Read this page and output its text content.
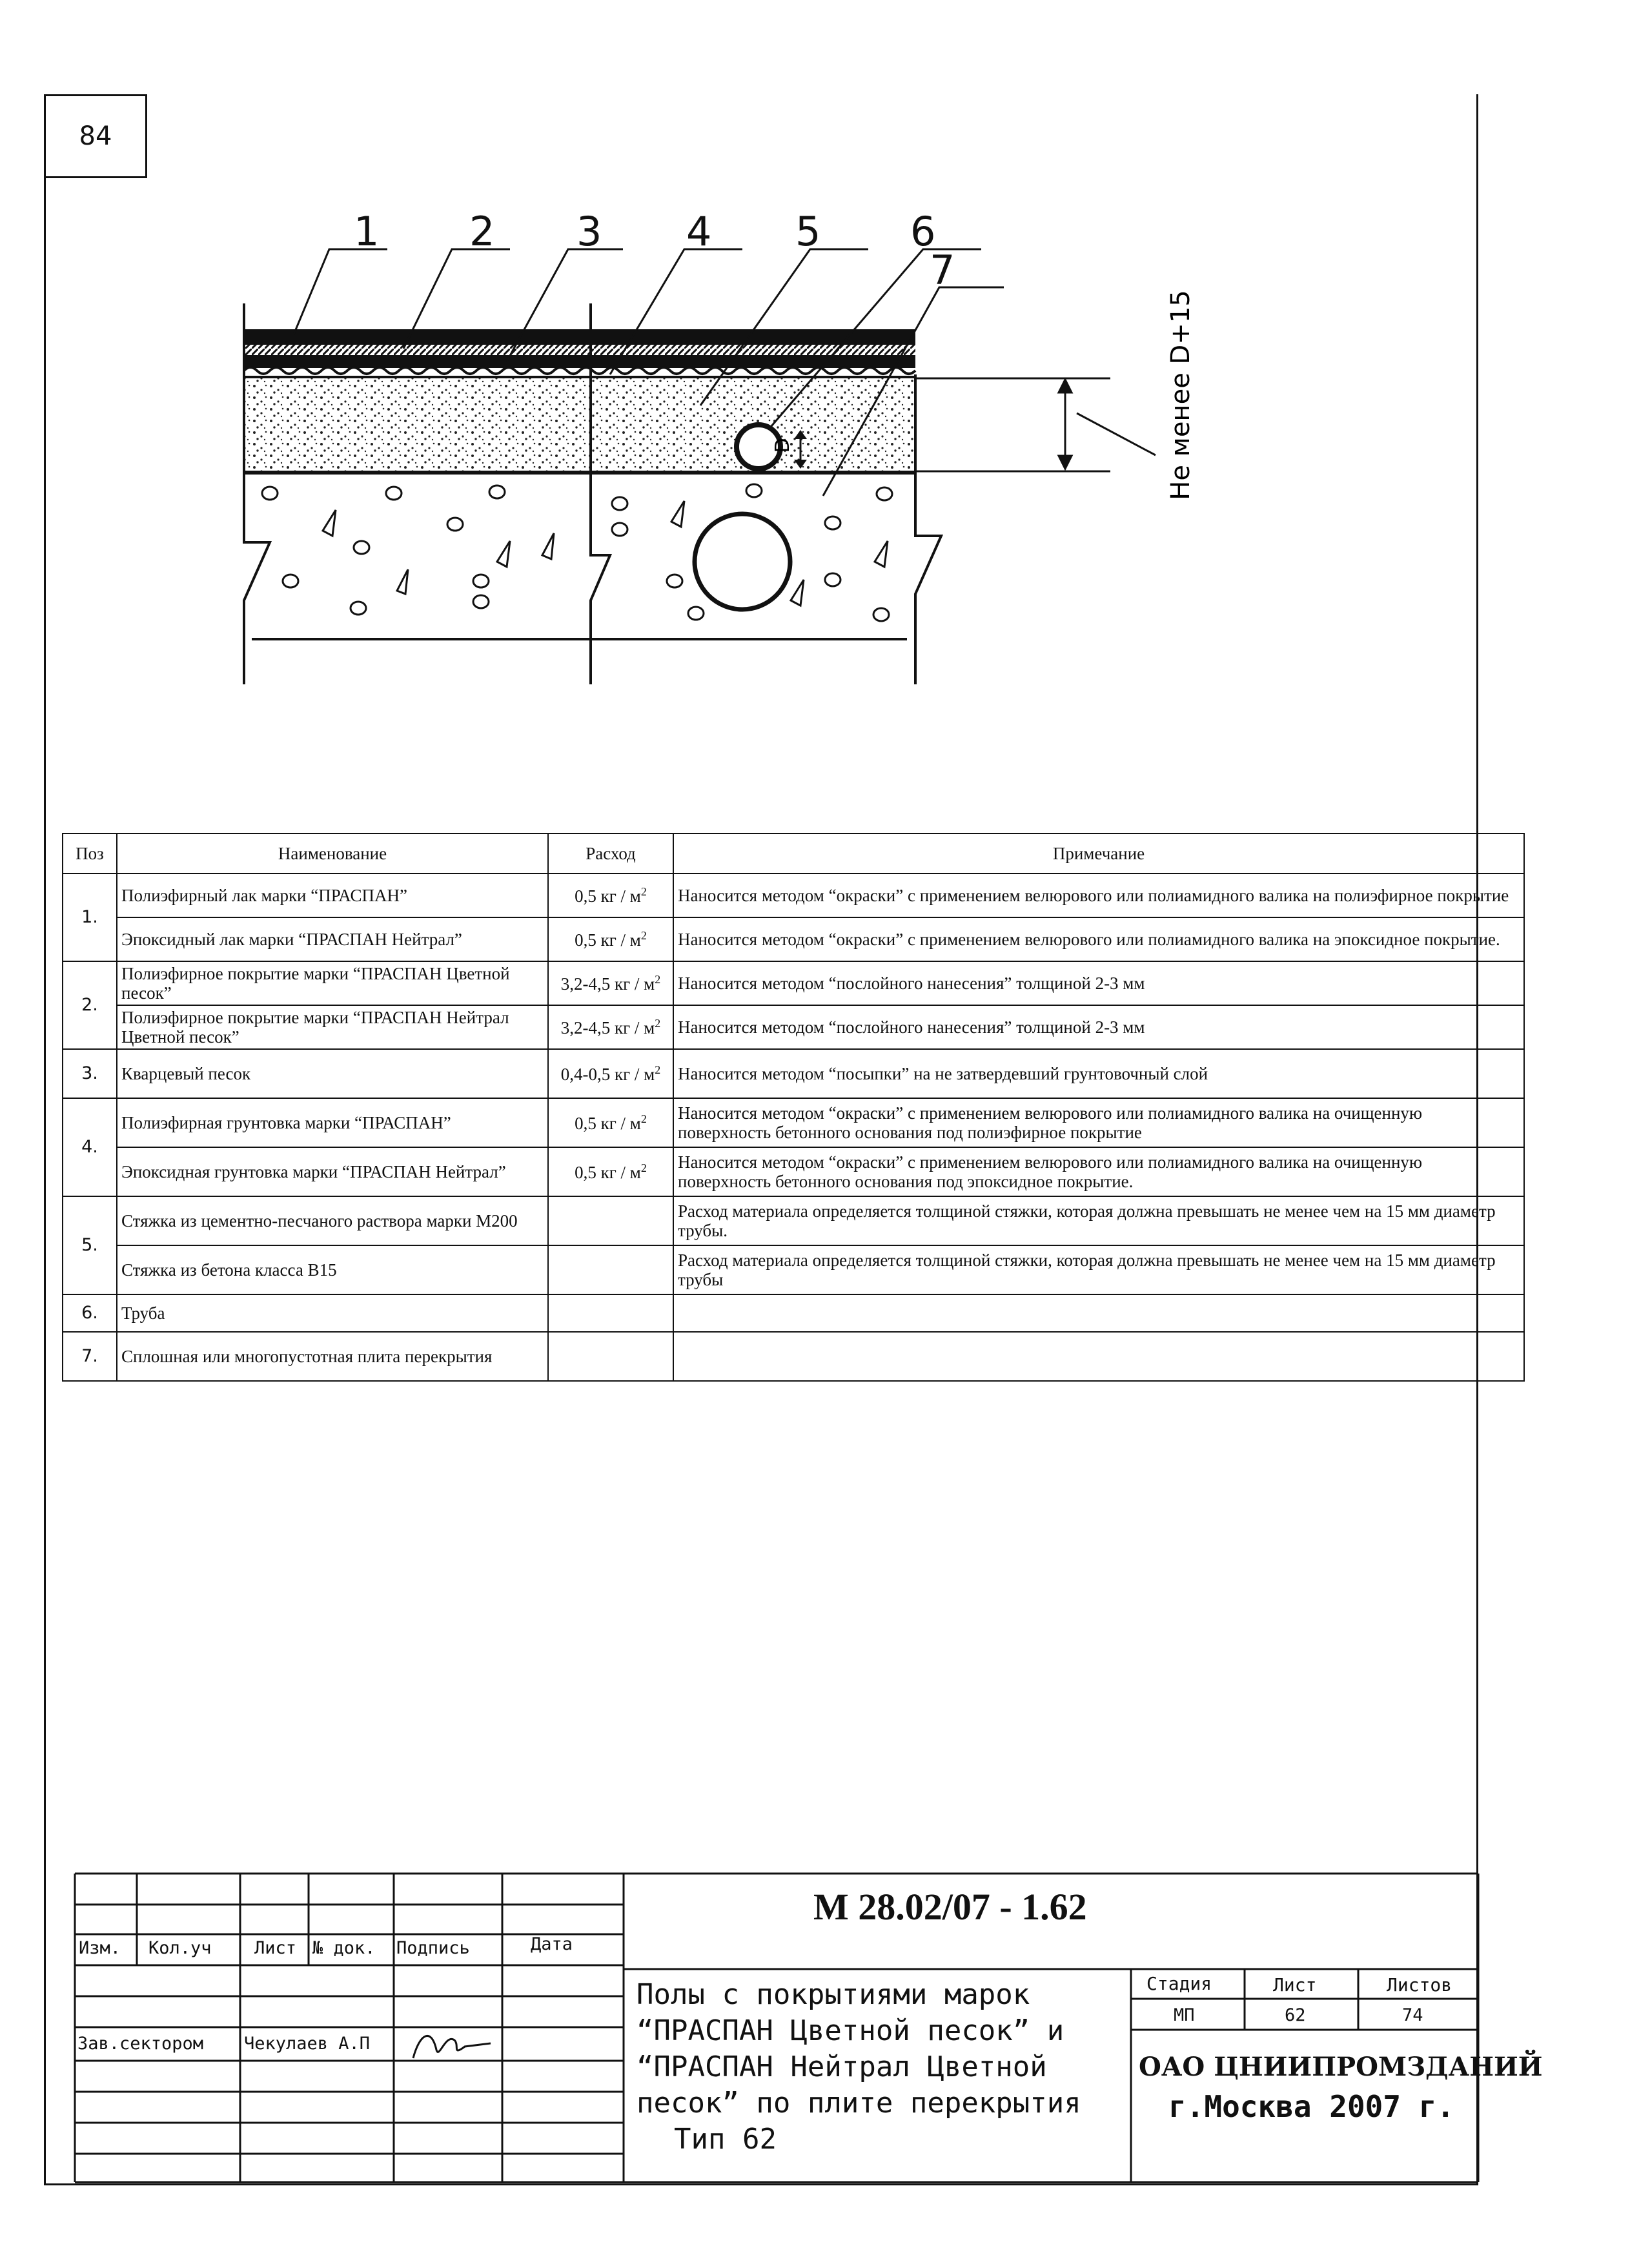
84
D	Не менее D+15
1 2 3 4 5 6
7
Поз	Наименование	Расход	Примечание
1.	Полиэфирный лак марки “ПРАСПАН”	0,5 кг / $м^2$	Наносится методом “окраски” с применением велюрового или полиамидного валика на полиэфирное покрытие
	Эпоксидный лак марки “ПРАСПАН Нейтрал”	0,5 кг / $м^2$	Наносится методом “окраски” с применением велюрового или полиамидного валика на эпоксидное покрытие.
2.	Полиэфирное покрытие марки “ПРАСПАН Цветной песок”	3,2-4,5 кг / $м^2$	Наносится методом “послойного нанесения” толщиной 2-3 мм
	Полиэфирное покрытие марки “ПРАСПАН Нейтрал Цветной песок”	3,2-4,5 кг / $м^2$	Наносится методом “послойного нанесения” толщиной 2-3 мм
3.	Кварцевый песок	0,4-0,5 кг / $м^2$	Наносится методом “посыпки” на не затвердевший грунтовочный слой
4.	Полиэфирная грунтовка марки “ПРАСПАН”	0,5 кг / $м^2$	Наносится методом “окраски” с применением велюрового или полиамидного валика на очищенную поверхность бетонного основания под полиэфирное покрытие
	Эпоксидная грунтовка марки “ПРАСПАН Нейтрал”	0,5 кг / $м^2$	Наносится методом “окраски” с применением велюрового или полиамидного валика на очищенную поверхность бетонного основания под эпоксидное покрытие.
5.	Стяжка из цементно-песчаного раствора марки М200		Расход материала определяется толщиной стяжки, которая должна превышать не менее чем на 15 мм диаметр трубы.
	Стяжка из бетона класса В15		Расход материала определяется толщиной стяжки, которая должна превышать не менее чем на 15 мм диаметр трубы
6.	Труба		
7.	Сплошная или многопустотная плита перекрытия		
М 28.02/07 - 1.62
Изм. Кол.уч Лист № док. Подпись	Дата
Зав.сектором Чекулаев А.П
Полы с покрытиями марок
“ПРАСПАН Цветной песок” и
“ПРАСПАН Нейтрал Цветной
песок” по плите перекрытия
Тип 62
Стадия	Лист	Листов
МП	62	74
ОАО ЦНИИПРОМЗДАНИЙ
г.Москва 2007 г.
